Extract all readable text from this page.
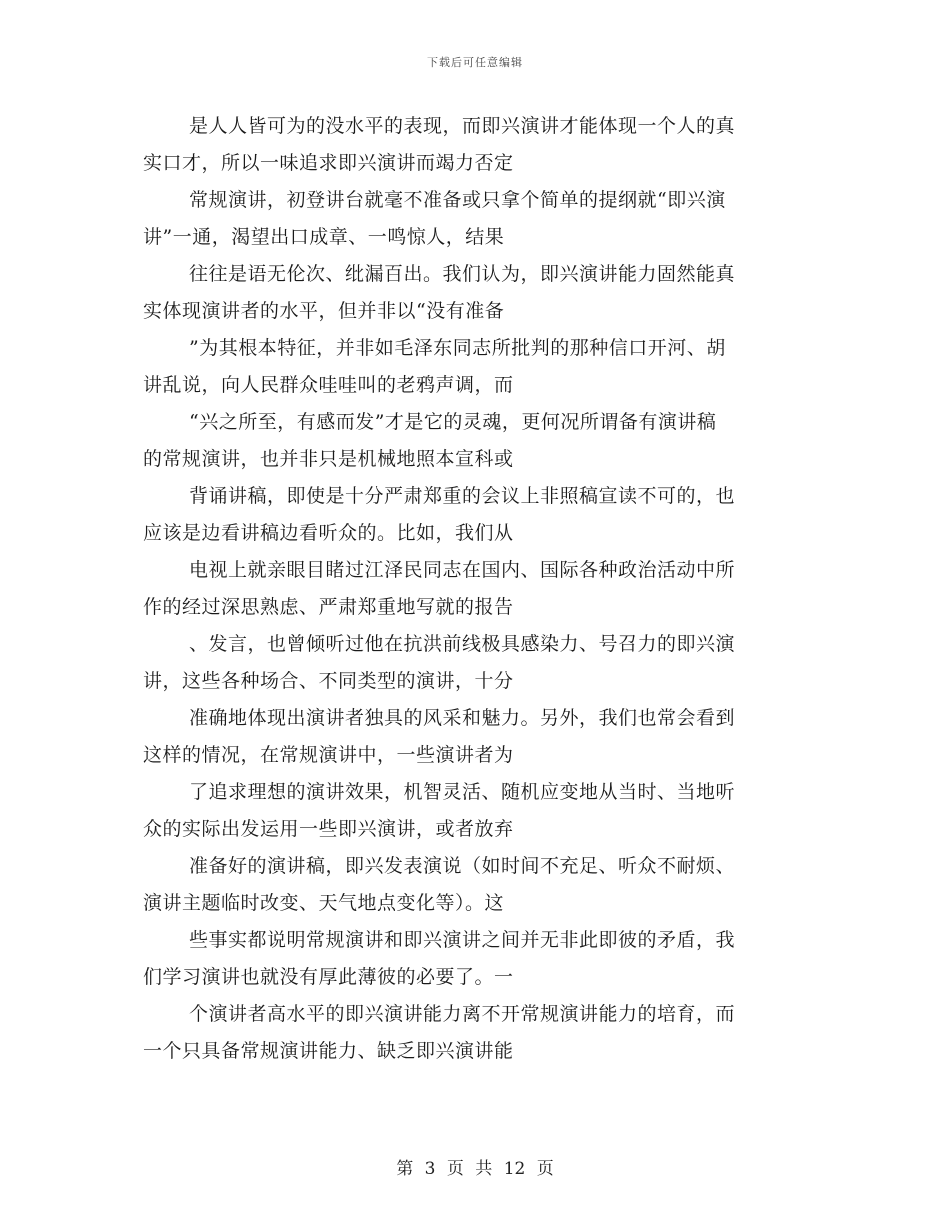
下载后可任意编辑
是人人皆可为的没水平的表现，而即兴演讲才能体现一个人的真
实口才，所以一味追求即兴演讲而竭力否定
常规演讲，初登讲台就毫不准备或只拿个简单的提纲就“即兴演
讲”一通，渴望出口成章、一鸣惊人，结果
往往是语无伦次、纰漏百出。我们认为，即兴演讲能力固然能真
实体现演讲者的水平，但并非以“没有准备
”为其根本特征，并非如毛泽东同志所批判的那种信口开河、胡
讲乱说，向人民群众哇哇叫的老鸦声调，而
“兴之所至，有感而发”才是它的灵魂，更何况所谓备有演讲稿
的常规演讲，也并非只是机械地照本宣科或
背诵讲稿，即使是十分严肃郑重的会议上非照稿宣读不可的，也
应该是边看讲稿边看听众的。比如，我们从
电视上就亲眼目睹过江泽民同志在国内、国际各种政治活动中所
作的经过深思熟虑、严肃郑重地写就的报告
、发言，也曾倾听过他在抗洪前线极具感染力、号召力的即兴演
讲，这些各种场合、不同类型的演讲，十分
准确地体现出演讲者独具的风采和魅力。另外，我们也常会看到
这样的情况，在常规演讲中，一些演讲者为
了追求理想的演讲效果，机智灵活、随机应变地从当时、当地听
众的实际出发运用一些即兴演讲，或者放弃
准备好的演讲稿，即兴发表演说（如时间不充足、听众不耐烦、
演讲主题临时改变、天气地点变化等）。这
些事实都说明常规演讲和即兴演讲之间并无非此即彼的矛盾，我
们学习演讲也就没有厚此薄彼的必要了。一
个演讲者高水平的即兴演讲能力离不开常规演讲能力的培育，而
一个只具备常规演讲能力、缺乏即兴演讲能
第 3 页 共 12 页
